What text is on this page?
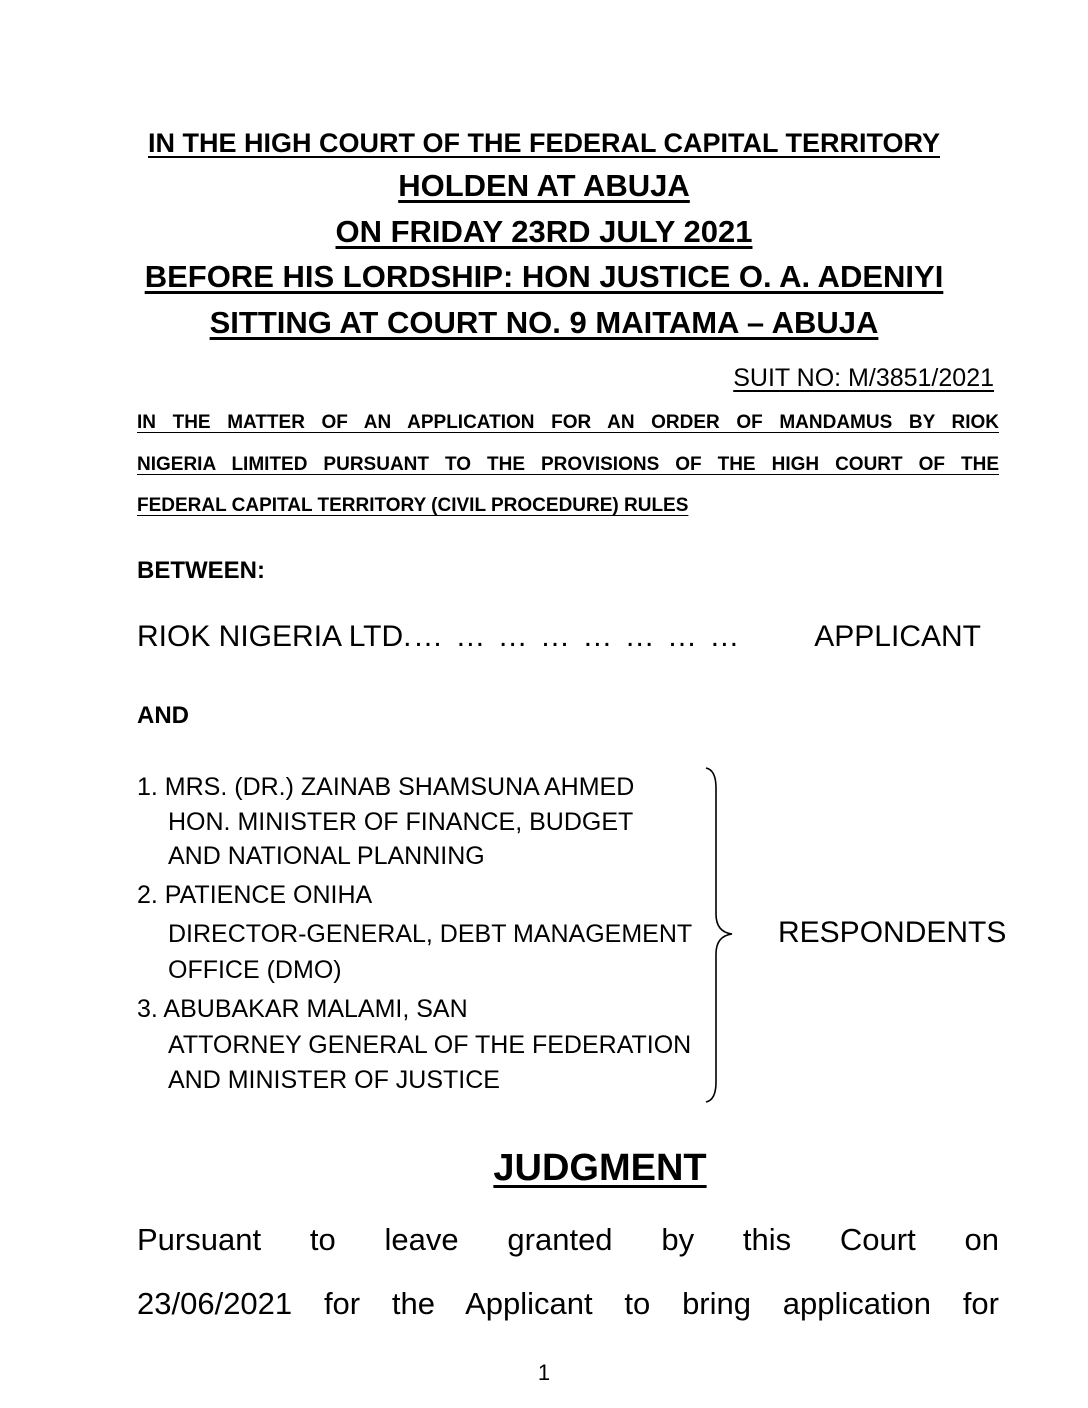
IN THE HIGH COURT OF THE FEDERAL CAPITAL TERRITORY
HOLDEN AT ABUJA
ON FRIDAY 23RD JULY 2021
BEFORE HIS LORDSHIP: HON JUSTICE O. A. ADENIYI
SITTING AT COURT NO. 9 MAITAMA – ABUJA
SUIT NO: M/3851/2021
IN THE MATTER OF AN APPLICATION FOR AN ORDER OF MANDAMUS BY RIOK
NIGERIA LIMITED PURSUANT TO THE PROVISIONS OF THE HIGH COURT OF THE
FEDERAL CAPITAL TERRITORY (CIVIL PROCEDURE) RULES
BETWEEN:
RIOK NIGERIA LTD. … … … … … … … … APPLICANT
AND
1. MRS. (DR.) ZAINAB SHAMSUNA AHMED
HON. MINISTER OF FINANCE, BUDGET
AND NATIONAL PLANNING
2. PATIENCE ONIHA
DIRECTOR-GENERAL, DEBT MANAGEMENT
OFFICE (DMO)
3. ABUBAKAR MALAMI, SAN
ATTORNEY GENERAL OF THE FEDERATION
AND MINISTER OF JUSTICE
RESPONDENTS
JUDGMENT
Pursuant to leave granted by this Court on
23/06/2021 for the Applicant to bring application for
1
